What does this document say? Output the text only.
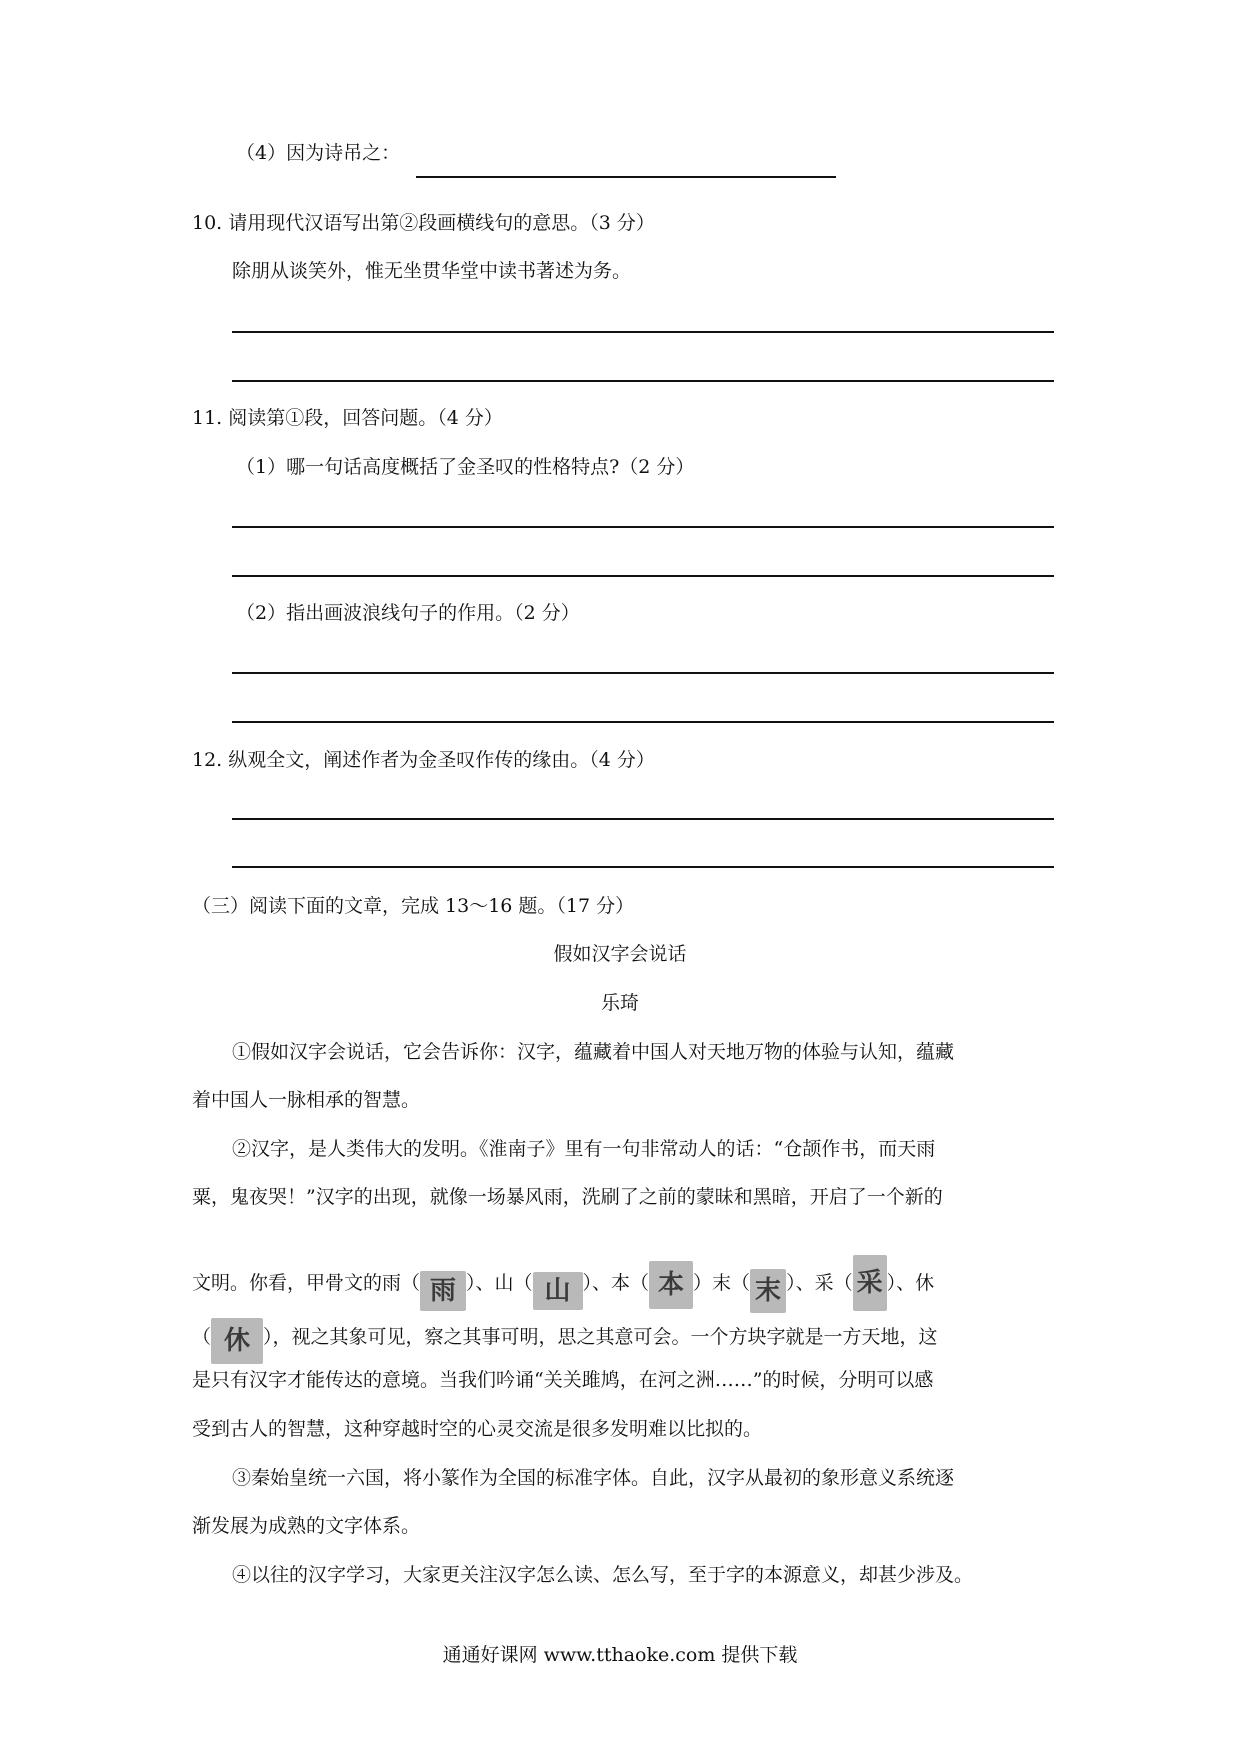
（4）因为诗吊之：
10. 请用现代汉语写出第②段画横线句的意思。（3 分）
除朋从谈笑外，惟无坐贯华堂中读书著述为务。
11. 阅读第①段，回答问题。（4 分）
（1）哪一句话高度概括了金圣叹的性格特点?（2 分）
（2）指出画波浪线句子的作用。（2 分）
12. 纵观全文，阐述作者为金圣叹作传的缘由。（4 分）
（三）阅读下面的文章，完成 13～16 题。（17 分）
假如汉字会说话
乐琦
①假如汉字会说话，它会告诉你：汉字，蕴藏着中国人对天地万物的体验与认知，蕴藏
着中国人一脉相承的智慧。
②汉字，是人类伟大的发明。《淮南子》里有一句非常动人的话：“仓颉作书，而天雨
粟，鬼夜哭！”汉字的出现，就像一场暴风雨，洗刷了之前的蒙昧和黑暗，开启了一个新的
文明。你看，甲骨文的雨（ 雨 ）、山（ 山 ）、本（ 本 ）末（ 末 ）、采（ 采 ）、休
（ 休 ），视之其象可见，察之其事可明，思之其意可会。一个方块字就是一方天地，这
是只有汉字才能传达的意境。当我们吟诵“关关雎鸠，在河之洲……”的时候，分明可以感
受到古人的智慧，这种穿越时空的心灵交流是很多发明难以比拟的。
③秦始皇统一六国，将小篆作为全国的标准字体。自此，汉字从最初的象形意义系统逐
渐发展为成熟的文字体系。
④以往的汉字学习，大家更关注汉字怎么读、怎么写，至于字的本源意义，却甚少涉及。
通通好课网 www.tthaoke.com 提供下载
